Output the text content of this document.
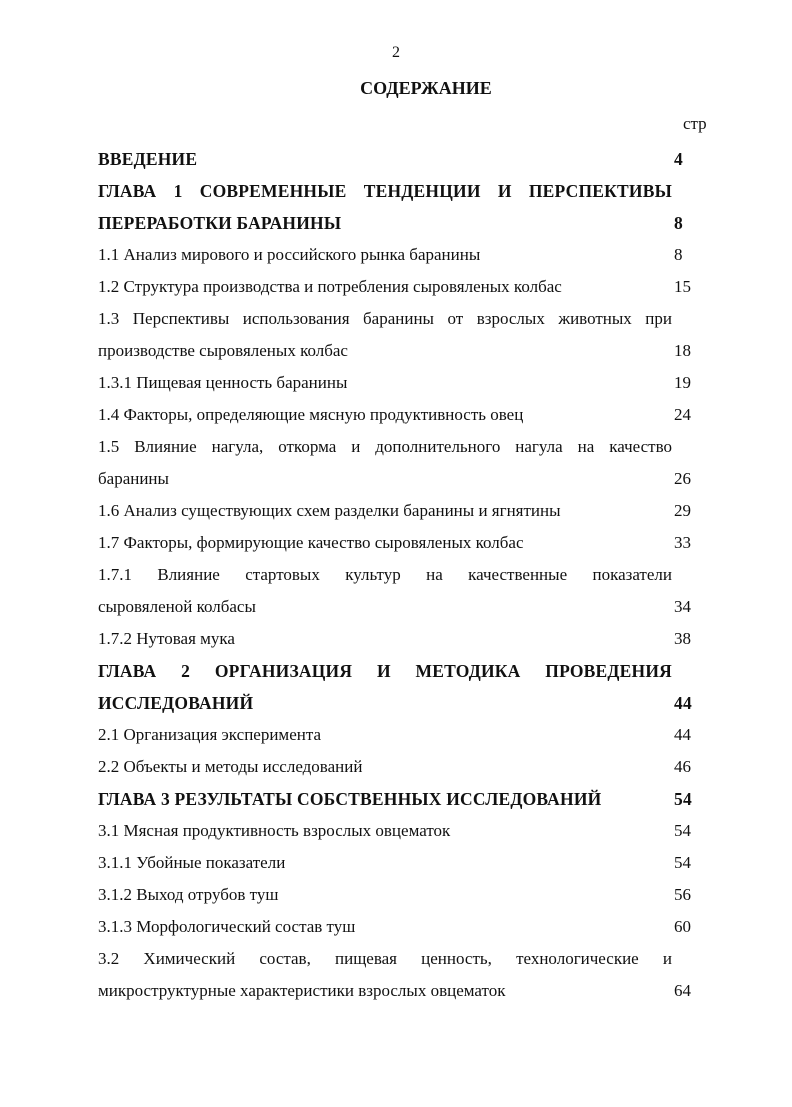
2
СОДЕРЖАНИЕ
стр
ВВЕДЕНИЕ	4
ГЛАВА 1 СОВРЕМЕННЫЕ ТЕНДЕНЦИИ И ПЕРСПЕКТИВЫ
ПЕРЕРАБОТКИ БАРАНИНЫ	8
1.1 Анализ мирового и российского рынка баранины	8
1.2 Структура производства и потребления сыровяленых колбас	15
1.3 Перспективы использования баранины от взрослых животных при
производстве сыровяленых колбас	18
1.3.1 Пищевая ценность баранины	19
1.4 Факторы, определяющие мясную продуктивность овец	24
1.5 Влияние нагула, откорма и дополнительного нагула на качество
баранины	26
1.6 Анализ существующих схем разделки баранины и ягнятины	29
1.7 Факторы, формирующие качество сыровяленых колбас	33
1.7.1 Влияние стартовых культур на качественные показатели
сыровяленой колбасы	34
1.7.2 Нутовая мука	38
ГЛАВА 2 ОРГАНИЗАЦИЯ И МЕТОДИКА ПРОВЕДЕНИЯ
ИССЛЕДОВАНИЙ	44
2.1 Организация эксперимента	44
2.2 Объекты и методы исследований	46
ГЛАВА 3 РЕЗУЛЬТАТЫ СОБСТВЕННЫХ ИССЛЕДОВАНИЙ	54
3.1 Мясная продуктивность взрослых овцематок	54
3.1.1 Убойные показатели	54
3.1.2 Выход отрубов туш	56
3.1.3 Морфологический состав туш	60
3.2 Химический состав, пищевая ценность, технологические и
микроструктурные характеристики взрослых овцематок	64
